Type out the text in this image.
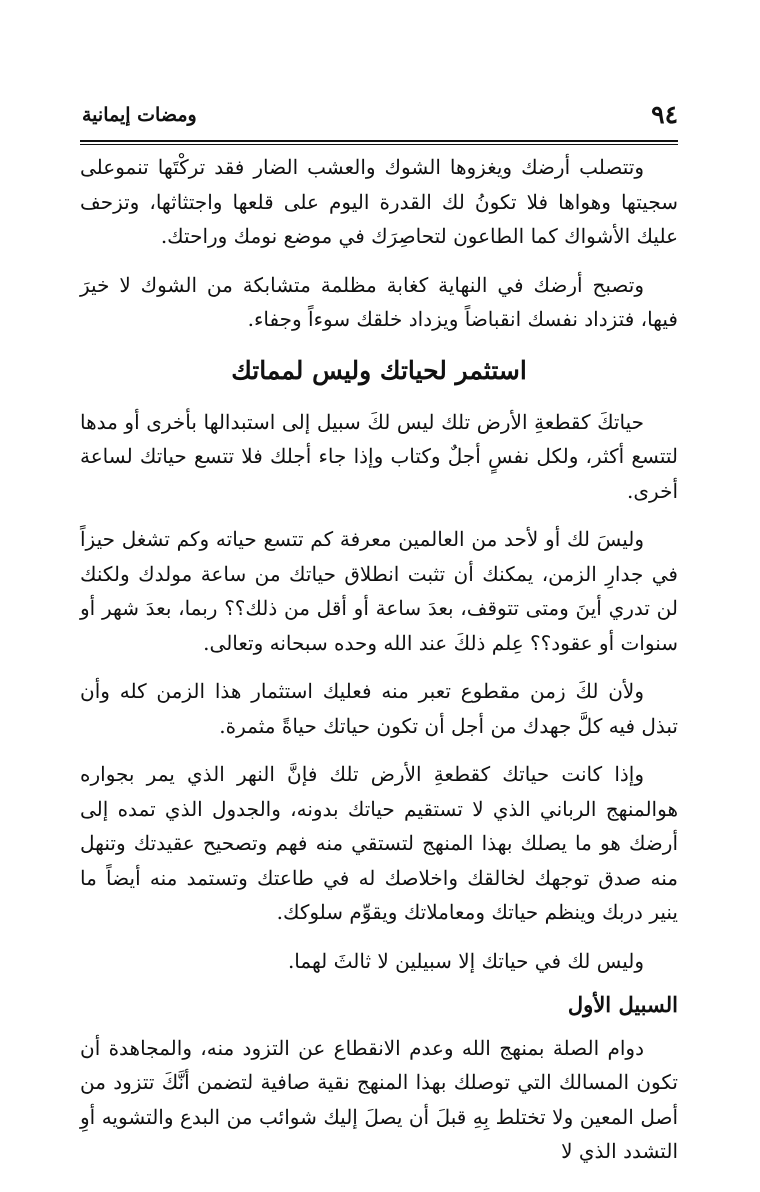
ومضات إيمانية	٩٤

وتتصلب أرضك ويغزوها الشوك والعشب الضار فقد تركْتَها تنموعلى سجيتها وهواها فلا تكونُ لك القدرة اليوم على قلعها واجتثاثها، وتزحف عليك الأشواك كما الطاعون لتحاصِرَك في موضع نومك وراحتك.

وتصبح أرضك في النهاية كغابة مظلمة متشابكة من الشوك لا خيرَ فيها، فتزداد نفسك انقباضاً ويزداد خلقك سوءاً وجفاء.

استثمر لحياتك وليس لمماتك

حياتكَ كقطعةِ الأرض تلك ليس لكَ سبيل إلى استبدالها بأخرى أو مدها لتتسع أكثر، ولكل نفسٍ أجلٌ وكتاب وإذا جاء أجلك فلا تتسع حياتك لساعة أخرى.

وليسَ لك أو لأحد من العالمين معرفة كم تتسع حياته وكم تشغل حيزاً في جدارِ الزمن، يمكنك أن تثبت انطلاق حياتك من ساعة مولدك ولكنك لن تدري أينَ ومتى تتوقف، بعدَ ساعة أو أقل من ذلك؟؟ ربما، بعدَ شهر أو سنوات أو عقود؟؟ عِلم ذلكَ عند الله وحده سبحانه وتعالى.

ولأن لكَ زمن مقطوع تعبر منه فعليك استثمار هذا الزمن كله وأن تبذل فيه كلَّ جهدك من أجل أن تكون حياتك حياةً مثمرة.

وإذا كانت حياتك كقطعةِ الأرض تلك فإنَّ النهر الذي يمر بجواره هوالمنهج الرباني الذي لا تستقيم حياتك بدونه، والجدول الذي تمده إلى أرضك هو ما يصلك بهذا المنهج لتستقي منه فهم وتصحيح عقيدتك وتنهل منه صدق توجهك لخالقك واخلاصك له في طاعتك وتستمد منه أيضاً ما ينير دربك وينظم حياتك ومعاملاتك ويقوِّم سلوكك.

وليس لك في حياتك إلا سبيلين لا ثالثَ لهما.

السبيل الأول

دوام الصلة بمنهج الله وعدم الانقطاع عن التزود منه، والمجاهدة أن تكون المسالك التي توصلك بهذا المنهج نقية صافية لتضمن أنَّكَ تتزود من أصل المعين ولا تختلط بِهِ قبلَ أن يصلَ إليك شوائب من البدع والتشويه أوِ التشدد الذي لا
